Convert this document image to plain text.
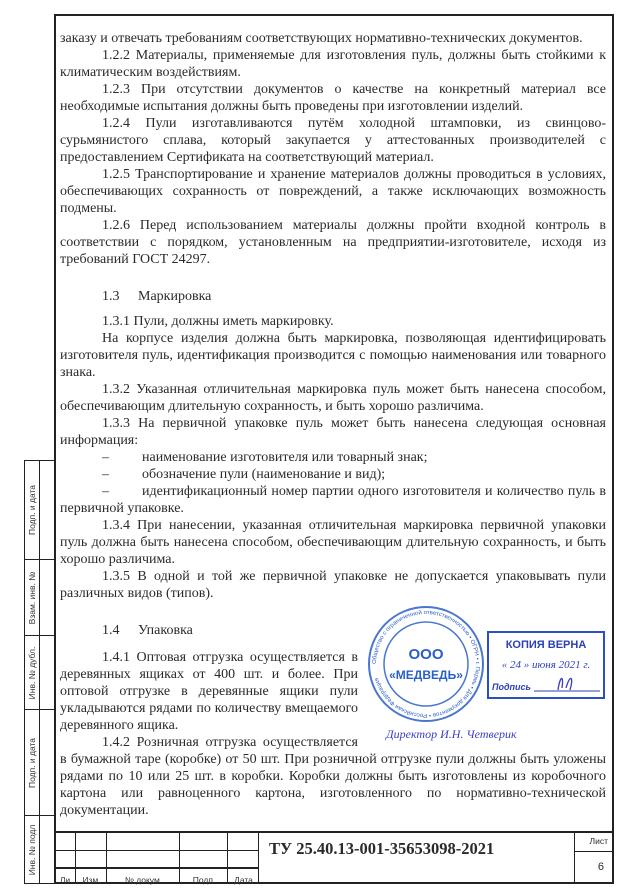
заказу и отвечать требованиям соответствующих нормативно-технических документов.

1.2.2 Материалы, применяемые для изготовления пуль, должны быть стойкими к климатическим воздействиям.

1.2.3 При отсутствии документов о качестве на конкретный материал все необходимые испытания должны быть проведены при изготовлении изделий.

1.2.4 Пули изготавливаются путём холодной штамповки, из свинцово-сурьмянистого сплава, который закупается у аттестованных производителей с предоставлением Сертификата на соответствующий материал.

1.2.5 Транспортирование и хранение материалов должны проводиться в условиях, обеспечивающих сохранность от повреждений, а также исключающих возможность подмены.

1.2.6 Перед использованием материалы должны пройти входной контроль в соответствии с порядком, установленным на предприятии-изготовителе, исходя из требований ГОСТ 24297.

1.3 Маркировка

1.3.1 Пули, должны иметь маркировку.

На корпусе изделия должна быть маркировка, позволяющая идентифицировать изготовителя пуль, идентификация производится с помощью наименования или товарного знака.

1.3.2 Указанная отличительная маркировка пуль может быть нанесена способом, обеспечивающим длительную сохранность, и быть хорошо различима.

1.3.3 На первичной упаковке пуль может быть нанесена следующая основная информация:

–	наименование изготовителя или товарный знак;

–	обозначение пули (наименование и вид);

– идентификационный номер партии одного изготовителя и количество пуль в первичной упаковке.

1.3.4 При нанесении, указанная отличительная маркировка первичной упаковки пуль должна быть нанесена способом, обеспечивающим длительную сохранность, и быть хорошо различима.

1.3.5 В одной и той же первичной упаковке не допускается упаковывать пули различных видов (типов).

Общество с ограниченной ответственностью • ОГРН • г. Пермь • Для документов • Российская Федерация
ООО
«МЕДВЕДЬ»
КОПИЯ ВЕРНА
« 24 » июня 2021 г.
Подпись
Директор И.Н. Четверик

1.4 Упаковка

1.4.1 Оптовая отгрузка осуществляется в деревянных ящиках от 400 шт. и более. При оптовой отгрузке в деревянные ящики пули укладываются рядами по количеству вмещаемого деревянного ящика.

1.4.2 Розничная отгрузка осуществляется в бумажной таре (коробке) от 50 шт. При розничной отгрузке пули должны быть уложены рядами по 10 или 25 шт. в коробки. Коробки должны быть изготовлены из коробочного картона или равноценного картона, изготовленного по нормативно-технической документации.

Подп. и дата
Взам. инв. №
Инв. № дубл.
Подп. и дата
Инв. № подл
Ли	Изм.	№ докум.	Подп.	Дата
ТУ 25.40.13-001-35653098-2021	Лист
6
